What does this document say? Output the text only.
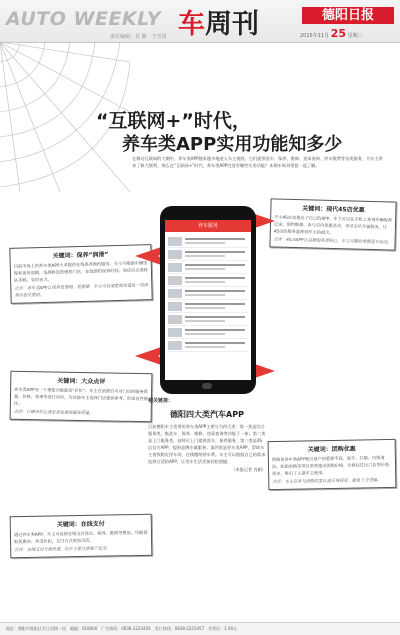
AUTO WEEKLY 车周刊	德阳日报
2015年11月 25 星期三
责任编辑：肖 颖　于雪清
“互联网+”时代，
养车类APP实用功能知多少

在移动互联网的大潮中，养车类APP越来越多地进入车主视野。它们提供洗车、保养、维修、违章查询、停车缴费等各类服务，为车主带来了极大便利。那么在“互联网+”时代，养车类APP究竟有哪些实用功能？本期车周刊带您一起了解。

关键词：保养“润滑”

目前市场上的养车类APP大多提供在线保养预约服务。车主可根据车辆里程和保养周期，选择附近的维修门店，在线预约保养时间，到店后无需排队等候，省时省力。

点评：养车类APP让保养更透明、更便捷，车主可以清楚地知道每一项保养内容及费用。

关键词：大众点评

养车类APP另一个重要功能就是“评价”。车主在消费后可对门店的服务质量、价格、效率等进行评价，为其他车主选择门店提供参考，形成良性循环。

点评：口碑评价让商家更加重视服务质量。

关键词：在线支付

通过养车类APP，车主可直接在线支付洗车、保养、维修等费用，还能领取优惠券、享受折扣，支付方式更加灵活。

点评：在线支付方便快捷，但车主要注意账户安全。

关键词：现代4S店优惠

不少4S店也推出了自己的APP，车主可以在手机上查询车辆保养记录、预约维修、参与店内优惠活动，享受会员专属服务，让4S店的服务延伸到车主的指尖。

点评：4S店APP让品牌服务更贴心，车主可随时掌握爱车状况。

关键词：团购优惠

团购是养车类APP吸引用户的重要手段。洗车、打蜡、内饰清洁、轮胎更换等项目常常推出团购价格，价格往往比门店原价低很多，吸引了大量车主使用。

点评：车主在参与团购时要认准正规商家，避免上当受骗。

养车服务
相关链接：
德阳四大类汽车APP

目前德阳车主常用的养车类APP主要分为四大类：第一类是综合服务类，集洗车、保养、维修、违章查询等功能于一体；第二类是上门服务类，技师可上门提供洗车、保养服务；第三类是4S店官方APP，提供品牌专属服务；第四类是停车类APP，帮助车主查找附近停车场、在线缴纳停车费。车主可以根据自己的需求选择合适的APP，让用车生活更加轻松便捷。

（本报记者 肖颖）

地址：德阳市旌阳区长江西路一段　邮编：618000　广告热线：0838-2223456　发行热线：0838-2223457　零售价：1.00元
